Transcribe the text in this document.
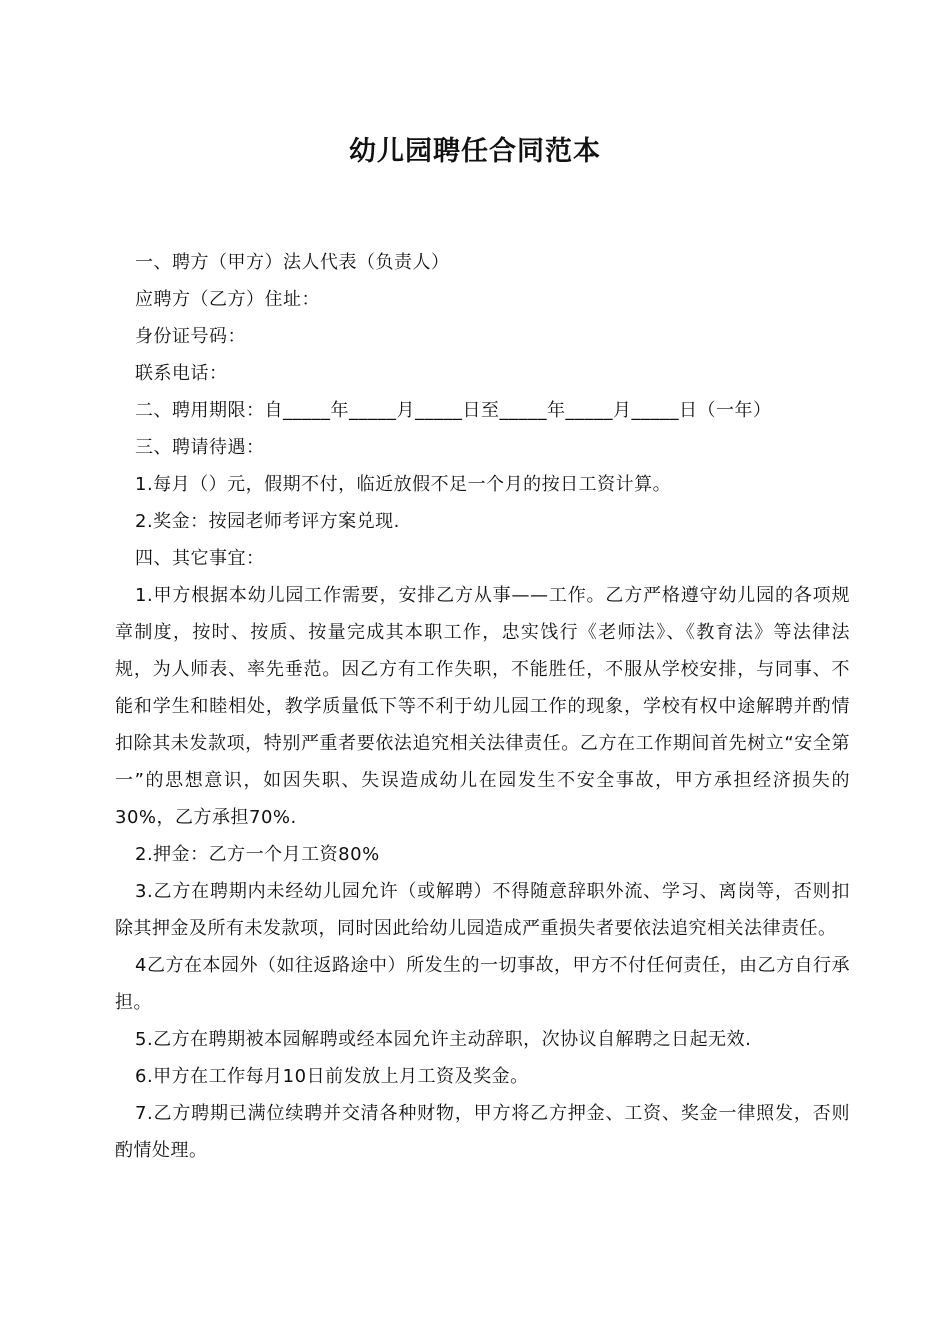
幼儿园聘任合同范本

一、聘方（甲方）法人代表（负责人）

应聘方（乙方）住址：

身份证号码：

联系电话：

二、聘用期限：自_____年_____月_____日至_____年_____月_____日（一年）

三、聘请待遇：

1.每月（）元，假期不付，临近放假不足一个月的按日工资计算。

2.奖金：按园老师考评方案兑现.

四、其它事宜：

1.甲方根据本幼儿园工作需要，安排乙方从事——工作。乙方严格遵守幼儿园的各项规章制度，按时、按质、按量完成其本职工作，忠实饯行《老师法》、《教育法》等法律法规，为人师表、率先垂范。因乙方有工作失职，不能胜任，不服从学校安排，与同事、不能和学生和睦相处，教学质量低下等不利于幼儿园工作的现象，学校有权中途解聘并酌情扣除其未发款项，特别严重者要依法追究相关法律责任。乙方在工作期间首先树立“安全第一”的思想意识，如因失职、失误造成幼儿在园发生不安全事故，甲方承担经济损失的30%，乙方承担70%.

2.押金：乙方一个月工资80%

3.乙方在聘期内未经幼儿园允许（或解聘）不得随意辞职外流、学习、离岗等，否则扣除其押金及所有未发款项，同时因此给幼儿园造成严重损失者要依法追究相关法律责任。

4乙方在本园外（如往返路途中）所发生的一切事故，甲方不付任何责任，由乙方自行承担。

5.乙方在聘期被本园解聘或经本园允许主动辞职，次协议自解聘之日起无效.

6.甲方在工作每月10日前发放上月工资及奖金。

7.乙方聘期已满位续聘并交清各种财物，甲方将乙方押金、工资、奖金一律照发，否则酌情处理。
